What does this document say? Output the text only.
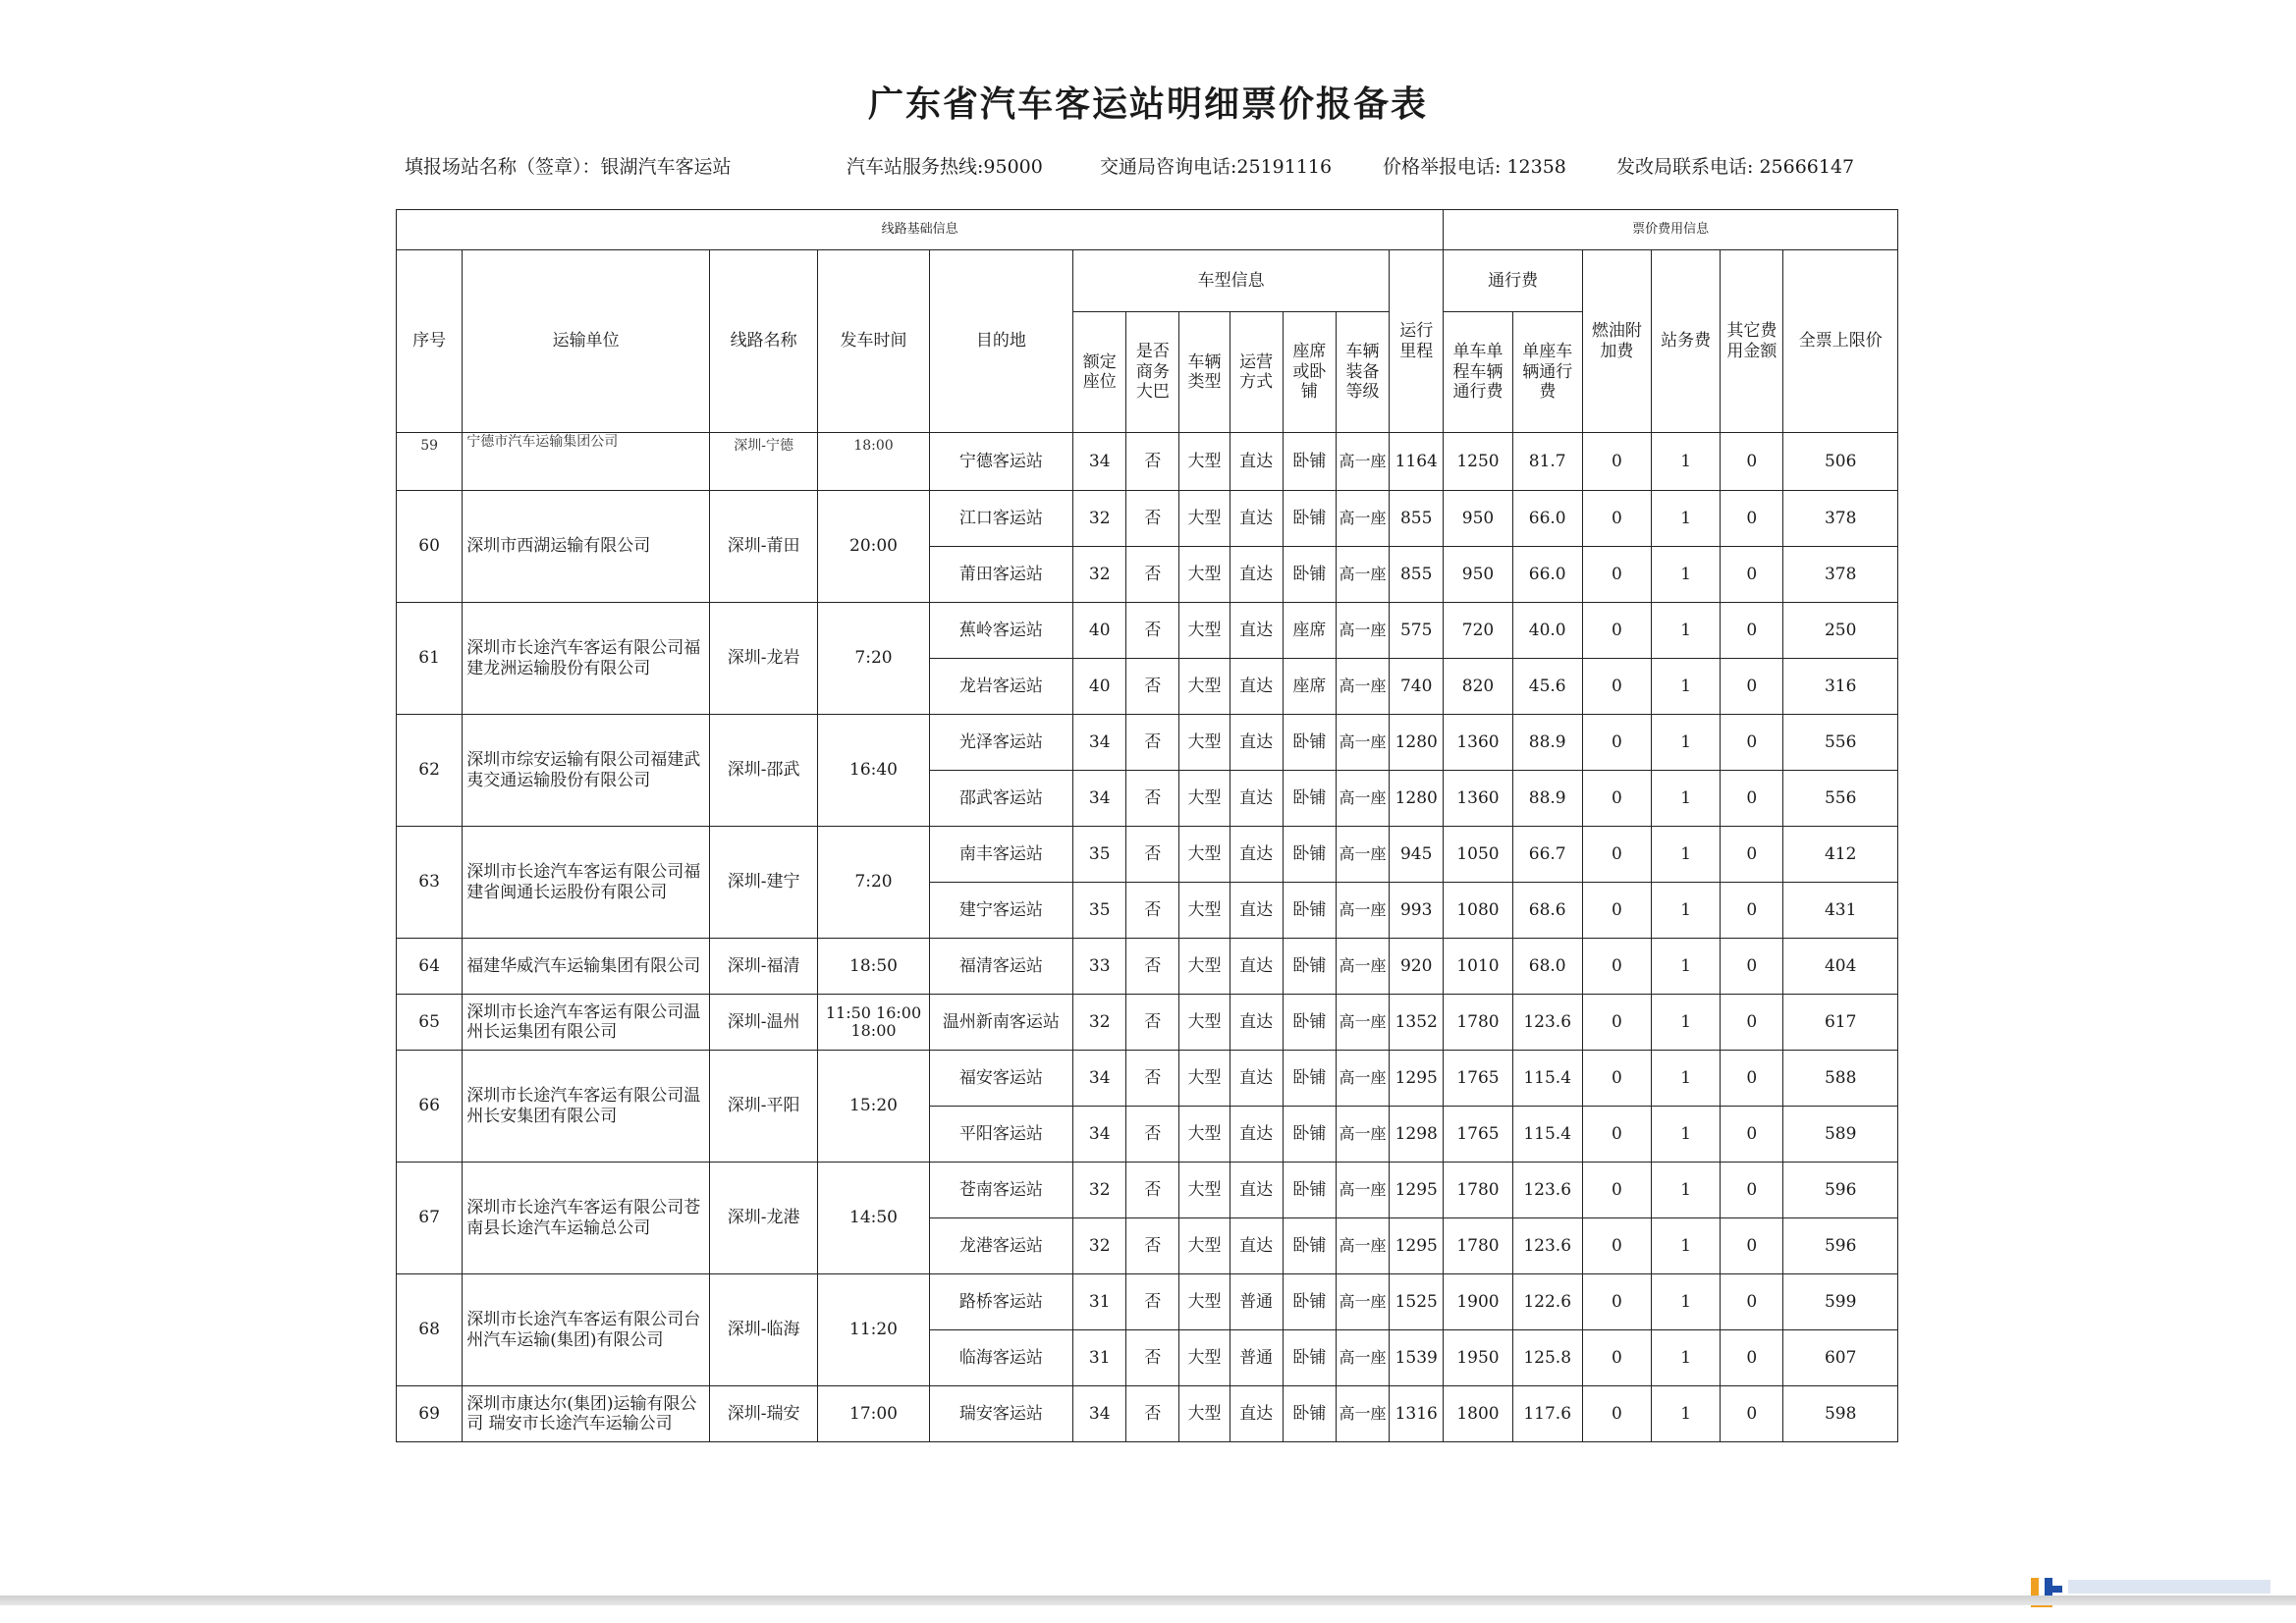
广东省汽车客运站明细票价报备表
填报场站名称（签章）：银湖汽车客运站	汽车站服务热线:95000	交通局咨询电话:25191116	价格举报电话: 12358	发改局联系电话: 25666147
线路基础信息												票价费用信息					
序号	运输单位	线路名称	发车时间	目的地	车型信息						运行里程	通行费		燃油附加费	站务费	其它费用金额	全票上限价
					额定座位	是否商务大巴	车辆类型	运营方式	座席或卧铺	车辆装备等级		单车单程车辆通行费	单座车辆通行费				

59	宁德市汽车运输集团公司	深圳-宁德	18:00	宁德客运站	34	否	大型	直达	卧铺	高一座	1164	1250	81.7	0	1	0	506
60	深圳市西湖运输有限公司	深圳-莆田	20:00	江口客运站	32	否	大型	直达	卧铺	高一座	855	950	66.0	0	1	0	378
				莆田客运站	32	否	大型	直达	卧铺	高一座	855	950	66.0	0	1	0	378
61	深圳市长途汽车客运有限公司福建龙洲运输股份有限公司	深圳-龙岩	7:20	蕉岭客运站	40	否	大型	直达	座席	高一座	575	720	40.0	0	1	0	250
				龙岩客运站	40	否	大型	直达	座席	高一座	740	820	45.6	0	1	0	316
62	深圳市综安运输有限公司福建武夷交通运输股份有限公司	深圳-邵武	16:40	光泽客运站	34	否	大型	直达	卧铺	高一座	1280	1360	88.9	0	1	0	556
				邵武客运站	34	否	大型	直达	卧铺	高一座	1280	1360	88.9	0	1	0	556
63	深圳市长途汽车客运有限公司福建省闽通长运股份有限公司	深圳-建宁	7:20	南丰客运站	35	否	大型	直达	卧铺	高一座	945	1050	66.7	0	1	0	412
				建宁客运站	35	否	大型	直达	卧铺	高一座	993	1080	68.6	0	1	0	431
64	福建华威汽车运输集团有限公司	深圳-福清	18:50	福清客运站	33	否	大型	直达	卧铺	高一座	920	1010	68.0	0	1	0	404
65	深圳市长途汽车客运有限公司温州长运集团有限公司	深圳-温州	11:50 16:00 18:00	温州新南客运站	32	否	大型	直达	卧铺	高一座	1352	1780	123.6	0	1	0	617
66	深圳市长途汽车客运有限公司温州长安集团有限公司	深圳-平阳	15:20	福安客运站	34	否	大型	直达	卧铺	高一座	1295	1765	115.4	0	1	0	588
				平阳客运站	34	否	大型	直达	卧铺	高一座	1298	1765	115.4	0	1	0	589
67	深圳市长途汽车客运有限公司苍南县长途汽车运输总公司	深圳-龙港	14:50	苍南客运站	32	否	大型	直达	卧铺	高一座	1295	1780	123.6	0	1	0	596
				龙港客运站	32	否	大型	直达	卧铺	高一座	1295	1780	123.6	0	1	0	596
68	深圳市长途汽车客运有限公司台州汽车运输(集团)有限公司	深圳-临海	11:20	路桥客运站	31	否	大型	普通	卧铺	高一座	1525	1900	122.6	0	1	0	599
				临海客运站	31	否	大型	普通	卧铺	高一座	1539	1950	125.8	0	1	0	607
69	深圳市康达尔(集团)运输有限公司 瑞安市长途汽车运输公司	深圳-瑞安	17:00	瑞安客运站	34	否	大型	直达	卧铺	高一座	1316	1800	117.6	0	1	0	598
